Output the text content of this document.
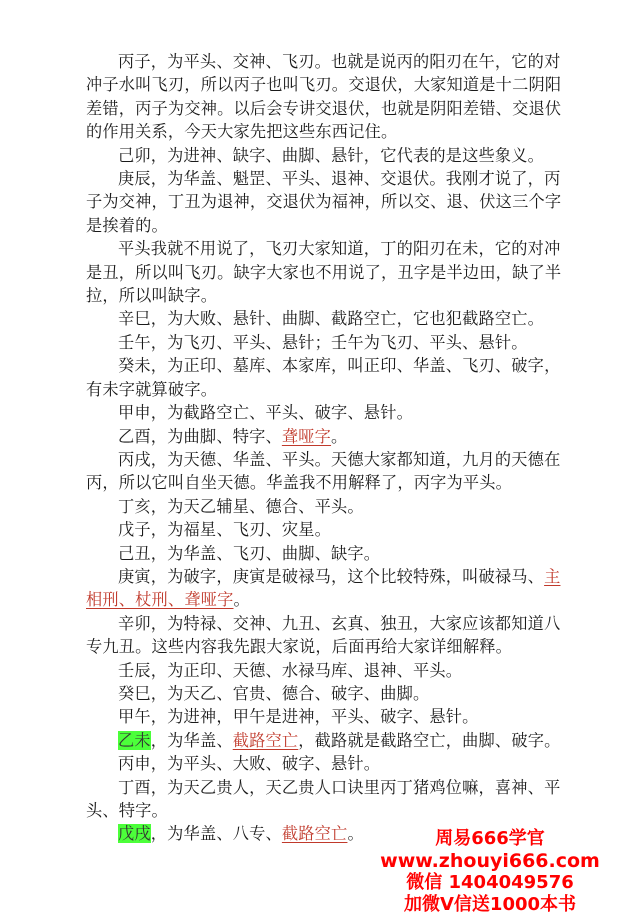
丙子，为平头、交神、飞刃。也就是说丙的阳刃在午，它的对冲子水叫飞刃，所以丙子也叫飞刃。交退伏，大家知道是十二阴阳差错，丙子为交神。以后会专讲交退伏，也就是阴阳差错、交退伏的作用关系，今天大家先把这些东西记住。

己卯，为进神、缺字、曲脚、悬针，它代表的是这些象义。

庚辰，为华盖、魁罡、平头、退神、交退伏。我刚才说了，丙子为交神，丁丑为退神，交退伏为福神，所以交、退、伏这三个字是挨着的。

平头我就不用说了，飞刃大家知道，丁的阳刃在未，它的对冲是丑，所以叫飞刃。缺字大家也不用说了，丑字是半边田，缺了半拉，所以叫缺字。

辛巳，为大败、悬针、曲脚、截路空亡，它也犯截路空亡。

壬午，为飞刃、平头、悬针；壬午为飞刃、平头、悬针。

癸未，为正印、墓库、本家库，叫正印、华盖、飞刃、破字，有未字就算破字。

甲申，为截路空亡、平头、破字、悬针。

乙酉，为曲脚、特字、聋哑字。

丙戌，为天德、华盖、平头。天德大家都知道，九月的天德在丙，所以它叫自坐天德。华盖我不用解释了，丙字为平头。

丁亥，为天乙辅星、德合、平头。

戊子，为福星、飞刃、灾星。

己丑，为华盖、飞刃、曲脚、缺字。

庚寅，为破字，庚寅是破禄马，这个比较特殊，叫破禄马、主相刑、杖刑、聋哑字。

辛卯，为特禄、交神、九丑、玄真、独丑，大家应该都知道八专九丑。这些内容我先跟大家说，后面再给大家详细解释。

壬辰，为正印、天德、水禄马库、退神、平头。

癸巳，为天乙、官贵、德合、破字、曲脚。

甲午，为进神，甲午是进神，平头、破字、悬针。

乙未，为华盖、截路空亡，截路就是截路空亡，曲脚、破字。

丙申，为平头、大败、破字、悬针。

丁酉，为天乙贵人，天乙贵人口诀里丙丁猪鸡位嘛，喜神、平头、特字。

戊戌，为华盖、八专、截路空亡。	周易666学官
www.zhouyi666.com
微信 1404049576
加微V信送1000本书
